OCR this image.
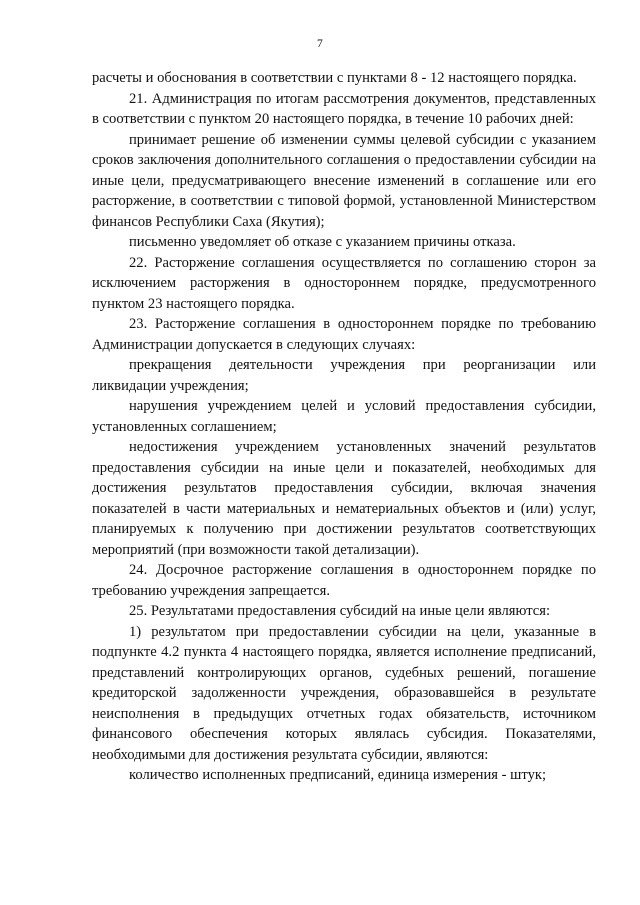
7

расчеты и обоснования в соответствии с пунктами 8 - 12 настоящего порядка.

21. Администрация по итогам рассмотрения документов, представленных в соответствии с пунктом 20 настоящего порядка, в течение 10 рабочих дней:

принимает решение об изменении суммы целевой субсидии с указанием сроков заключения дополнительного соглашения о предоставлении субсидии на иные цели, предусматривающего внесение изменений в соглашение или его расторжение, в соответствии с типовой формой, установленной Министерством финансов Республики Саха (Якутия);

письменно уведомляет об отказе с указанием причины отказа.

22. Расторжение соглашения осуществляется по соглашению сторон за исключением расторжения в одностороннем порядке, предусмотренного пунктом 23 настоящего порядка.

23. Расторжение соглашения в одностороннем порядке по требованию Администрации допускается в следующих случаях:

прекращения деятельности учреждения при реорганизации или ликвидации учреждения;

нарушения учреждением целей и условий предоставления субсидии, установленных соглашением;

недостижения учреждением установленных значений результатов предоставления субсидии на иные цели и показателей, необходимых для достижения результатов предоставления субсидии, включая значения показателей в части материальных и нематериальных объектов и (или) услуг, планируемых к получению при достижении результатов соответствующих мероприятий (при возможности такой детализации).

24. Досрочное расторжение соглашения в одностороннем порядке по требованию учреждения запрещается.

25. Результатами предоставления субсидий на иные цели являются:

1) результатом при предоставлении субсидии на цели, указанные в подпункте 4.2 пункта 4 настоящего порядка, является исполнение предписаний, представлений контролирующих органов, судебных решений, погашение кредиторской задолженности учреждения, образовавшейся в результате неисполнения в предыдущих отчетных годах обязательств, источником финансового обеспечения которых являлась субсидия. Показателями, необходимыми для достижения результата субсидии, являются:

количество исполненных предписаний, единица измерения - штук;
